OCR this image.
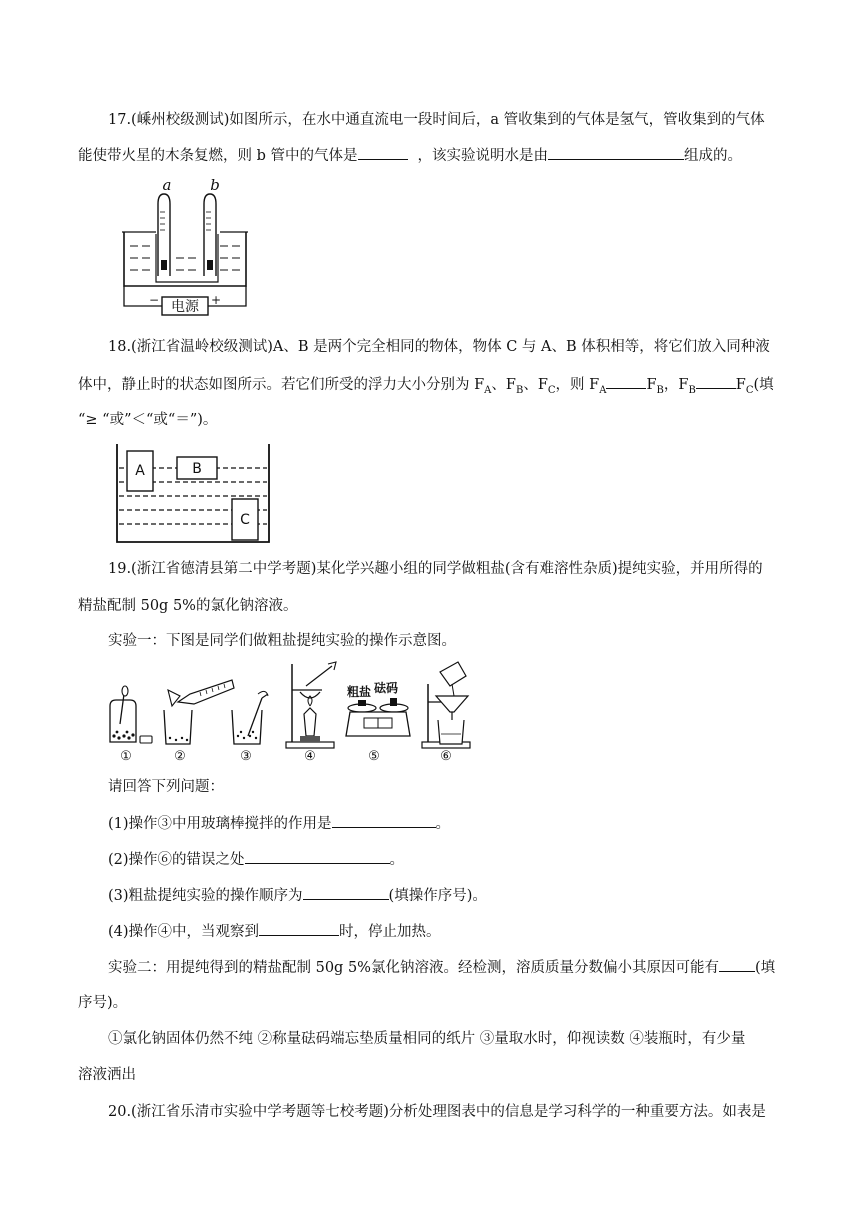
17.(嵊州校级测试)如图所示，在水中通直流电一段时间后，a 管收集到的气体是氢气，管收集到的气体
能使带火星的木条复燃，则 b 管中的气体是	，该实验说明水是由	组成的。
电源
−	+
a	b
18.(浙江省温岭校级测试)A、B 是两个完全相同的物体，物体 C 与 A、B 体积相等，将它们放入同种液
体中，静止时的状态如图所示。若它们所受的浮力大小分别为 $F_A$、$F_B$、$F_C$，则 $F_A$	$F_B$，$F_B$	$F_C$(填
“≥ “或”＜“或“＝”)。
A	B
C
19.(浙江省德清县第二中学考题)某化学兴趣小组的同学做粗盐(含有难溶性杂质)提纯实验，并用所得的
精盐配制 50g 5%的氯化钠溶液。
实验一：下图是同学们做粗盐提纯实验的操作示意图。
粗盐 砝码
①	②	③	④	⑤	⑥
请回答下列问题：
(1)操作③中用玻璃棒搅拌的作用是	。
(2)操作⑥的错误之处	。
(3)粗盐提纯实验的操作顺序为	(填操作序号)。
(4)操作④中，当观察到	时，停止加热。
实验二：用提纯得到的精盐配制 50g 5%氯化钠溶液。经检测，溶质质量分数偏小其原因可能有 (填
序号)。
①氯化钠固体仍然不纯 ②称量砝码端忘垫质量相同的纸片 ③量取水时，仰视读数 ④装瓶时，有少量
溶液洒出
20.(浙江省乐清市实验中学考题等七校考题)分析处理图表中的信息是学习科学的一种重要方法。如表是
